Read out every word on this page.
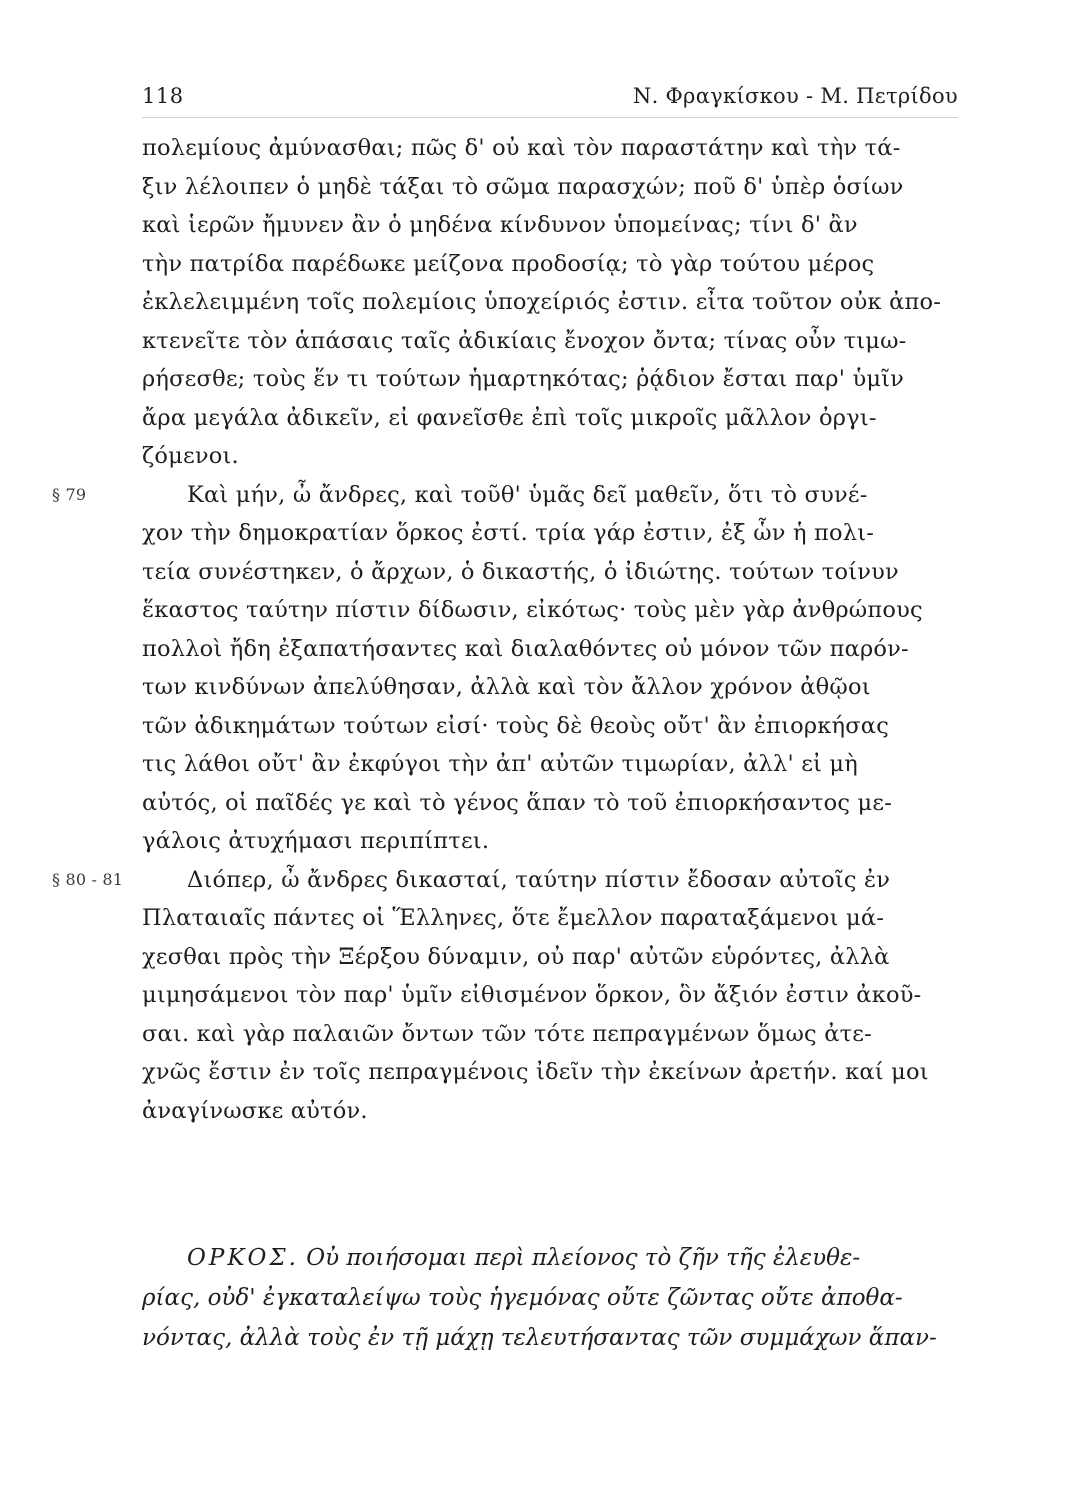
118	Ν. Φραγκίσκου - Μ. Πετρίδου
πολεμίους ἀμύνασθαι; πῶς δ' οὐ καὶ τὸν παραστάτην καὶ τὴν τά-
ξιν λέλοιπεν ὁ μηδὲ τάξαι τὸ σῶμα παρασχών; ποῦ δ' ὑπὲρ ὁσίων
καὶ ἱερῶν ἤμυνεν ἂν ὁ μηδένα κίνδυνον ὑπομείνας; τίνι δ' ἂν
τὴν πατρίδα παρέδωκε μείζονα προδοσίᾳ; τὸ γὰρ τούτου μέρος
ἐκλελειμμένη τοῖς πολεμίοις ὑποχείριός ἐστιν. εἶτα τοῦτον οὐκ ἀπο-
κτενεῖτε τὸν ἁπάσαις ταῖς ἀδικίαις ἔνοχον ὄντα; τίνας οὖν τιμω-
ρήσεσθε; τοὺς ἕν τι τούτων ἡμαρτηκότας; ῥᾴδιον ἔσται παρ' ὑμῖν
ἄρα μεγάλα ἀδικεῖν, εἰ φανεῖσθε ἐπὶ τοῖς μικροῖς μᾶλλον ὀργι-
ζόμενοι.
§ 79	Καὶ μήν, ὦ ἄνδρες, καὶ τοῦθ' ὑμᾶς δεῖ μαθεῖν, ὅτι τὸ συνέ-
χον τὴν δημοκρατίαν ὅρκος ἐστί. τρία γάρ ἐστιν, ἐξ ὧν ἡ πολι-
τεία συνέστηκεν, ὁ ἄρχων, ὁ δικαστής, ὁ ἰδιώτης. τούτων τοίνυν
ἕκαστος ταύτην πίστιν δίδωσιν, εἰκότως· τοὺς μὲν γὰρ ἀνθρώπους
πολλοὶ ἤδη ἐξαπατήσαντες καὶ διαλαθόντες οὐ μόνον τῶν παρόν-
των κινδύνων ἀπελύθησαν, ἀλλὰ καὶ τὸν ἄλλον χρόνον ἀθῷοι
τῶν ἀδικημάτων τούτων εἰσί· τοὺς δὲ θεοὺς οὔτ' ἂν ἐπιορκήσας
τις λάθοι οὔτ' ἂν ἐκφύγοι τὴν ἀπ' αὐτῶν τιμωρίαν, ἀλλ' εἰ μὴ
αὐτός, οἱ παῖδές γε καὶ τὸ γένος ἅπαν τὸ τοῦ ἐπιορκήσαντος με-
γάλοις ἀτυχήμασι περιπίπτει.
§ 80 - 81	Διόπερ, ὦ ἄνδρες δικασταί, ταύτην πίστιν ἔδοσαν αὐτοῖς ἐν
Πλαταιαῖς πάντες οἱ Ἕλληνες, ὅτε ἔμελλον παραταξάμενοι μά-
χεσθαι πρὸς τὴν Ξέρξου δύναμιν, οὐ παρ' αὐτῶν εὑρόντες, ἀλλὰ
μιμησάμενοι τὸν παρ' ὑμῖν εἰθισμένον ὅρκον, ὃν ἄξιόν ἐστιν ἀκοῦ-
σαι. καὶ γὰρ παλαιῶν ὄντων τῶν τότε πεπραγμένων ὅμως ἀτε-
χνῶς ἔστιν ἐν τοῖς πεπραγμένοις ἰδεῖν τὴν ἐκείνων ἀρετήν. καί μοι
ἀναγίνωσκε αὐτόν.
ΟΡΚΟΣ. Οὐ ποιήσομαι περὶ πλείονος τὸ ζῆν τῆς ἐλευθε-
ρίας, οὐδ' ἐγκαταλείψω τοὺς ἡγεμόνας οὔτε ζῶντας οὔτε ἀποθα-
νόντας, ἀλλὰ τοὺς ἐν τῇ μάχῃ τελευτήσαντας τῶν συμμάχων ἅπαν-
